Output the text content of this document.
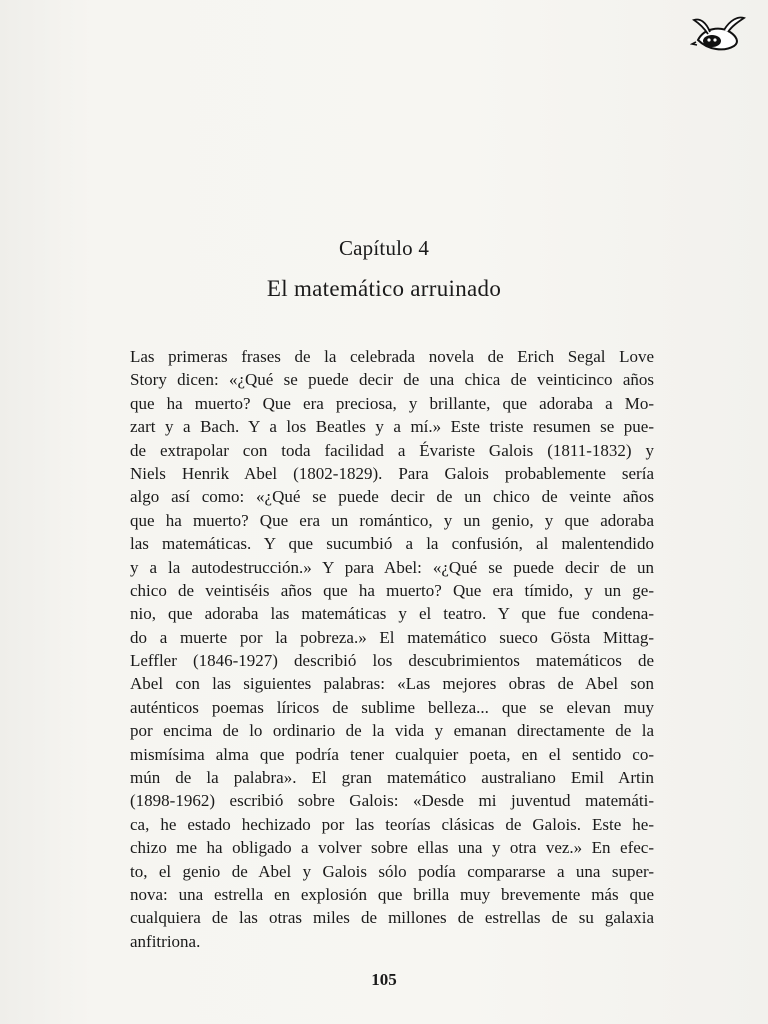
Capítulo 4
El matemático arruinado
Las primeras frases de la celebrada novela de Erich Segal Love
Story dicen: «¿Qué se puede decir de una chica de veinticinco años
que ha muerto? Que era preciosa, y brillante, que adoraba a Mo-
zart y a Bach. Y a los Beatles y a mí.» Este triste resumen se pue-
de extrapolar con toda facilidad a Évariste Galois (1811-1832) y
Niels Henrik Abel (1802-1829). Para Galois probablemente sería
algo así como: «¿Qué se puede decir de un chico de veinte años
que ha muerto? Que era un romántico, y un genio, y que adoraba
las matemáticas. Y que sucumbió a la confusión, al malentendido
y a la autodestrucción.» Y para Abel: «¿Qué se puede decir de un
chico de veintiséis años que ha muerto? Que era tímido, y un ge-
nio, que adoraba las matemáticas y el teatro. Y que fue condena-
do a muerte por la pobreza.» El matemático sueco Gösta Mittag-
Leffler (1846-1927) describió los descubrimientos matemáticos de
Abel con las siguientes palabras: «Las mejores obras de Abel son
auténticos poemas líricos de sublime belleza... que se elevan muy
por encima de lo ordinario de la vida y emanan directamente de la
mismísima alma que podría tener cualquier poeta, en el sentido co-
mún de la palabra». El gran matemático australiano Emil Artin
(1898-1962) escribió sobre Galois: «Desde mi juventud matemáti-
ca, he estado hechizado por las teorías clásicas de Galois. Este he-
chizo me ha obligado a volver sobre ellas una y otra vez.» En efec-
to, el genio de Abel y Galois sólo podía compararse a una super-
nova: una estrella en explosión que brilla muy brevemente más que
cualquiera de las otras miles de millones de estrellas de su galaxia
anfitriona.
105
